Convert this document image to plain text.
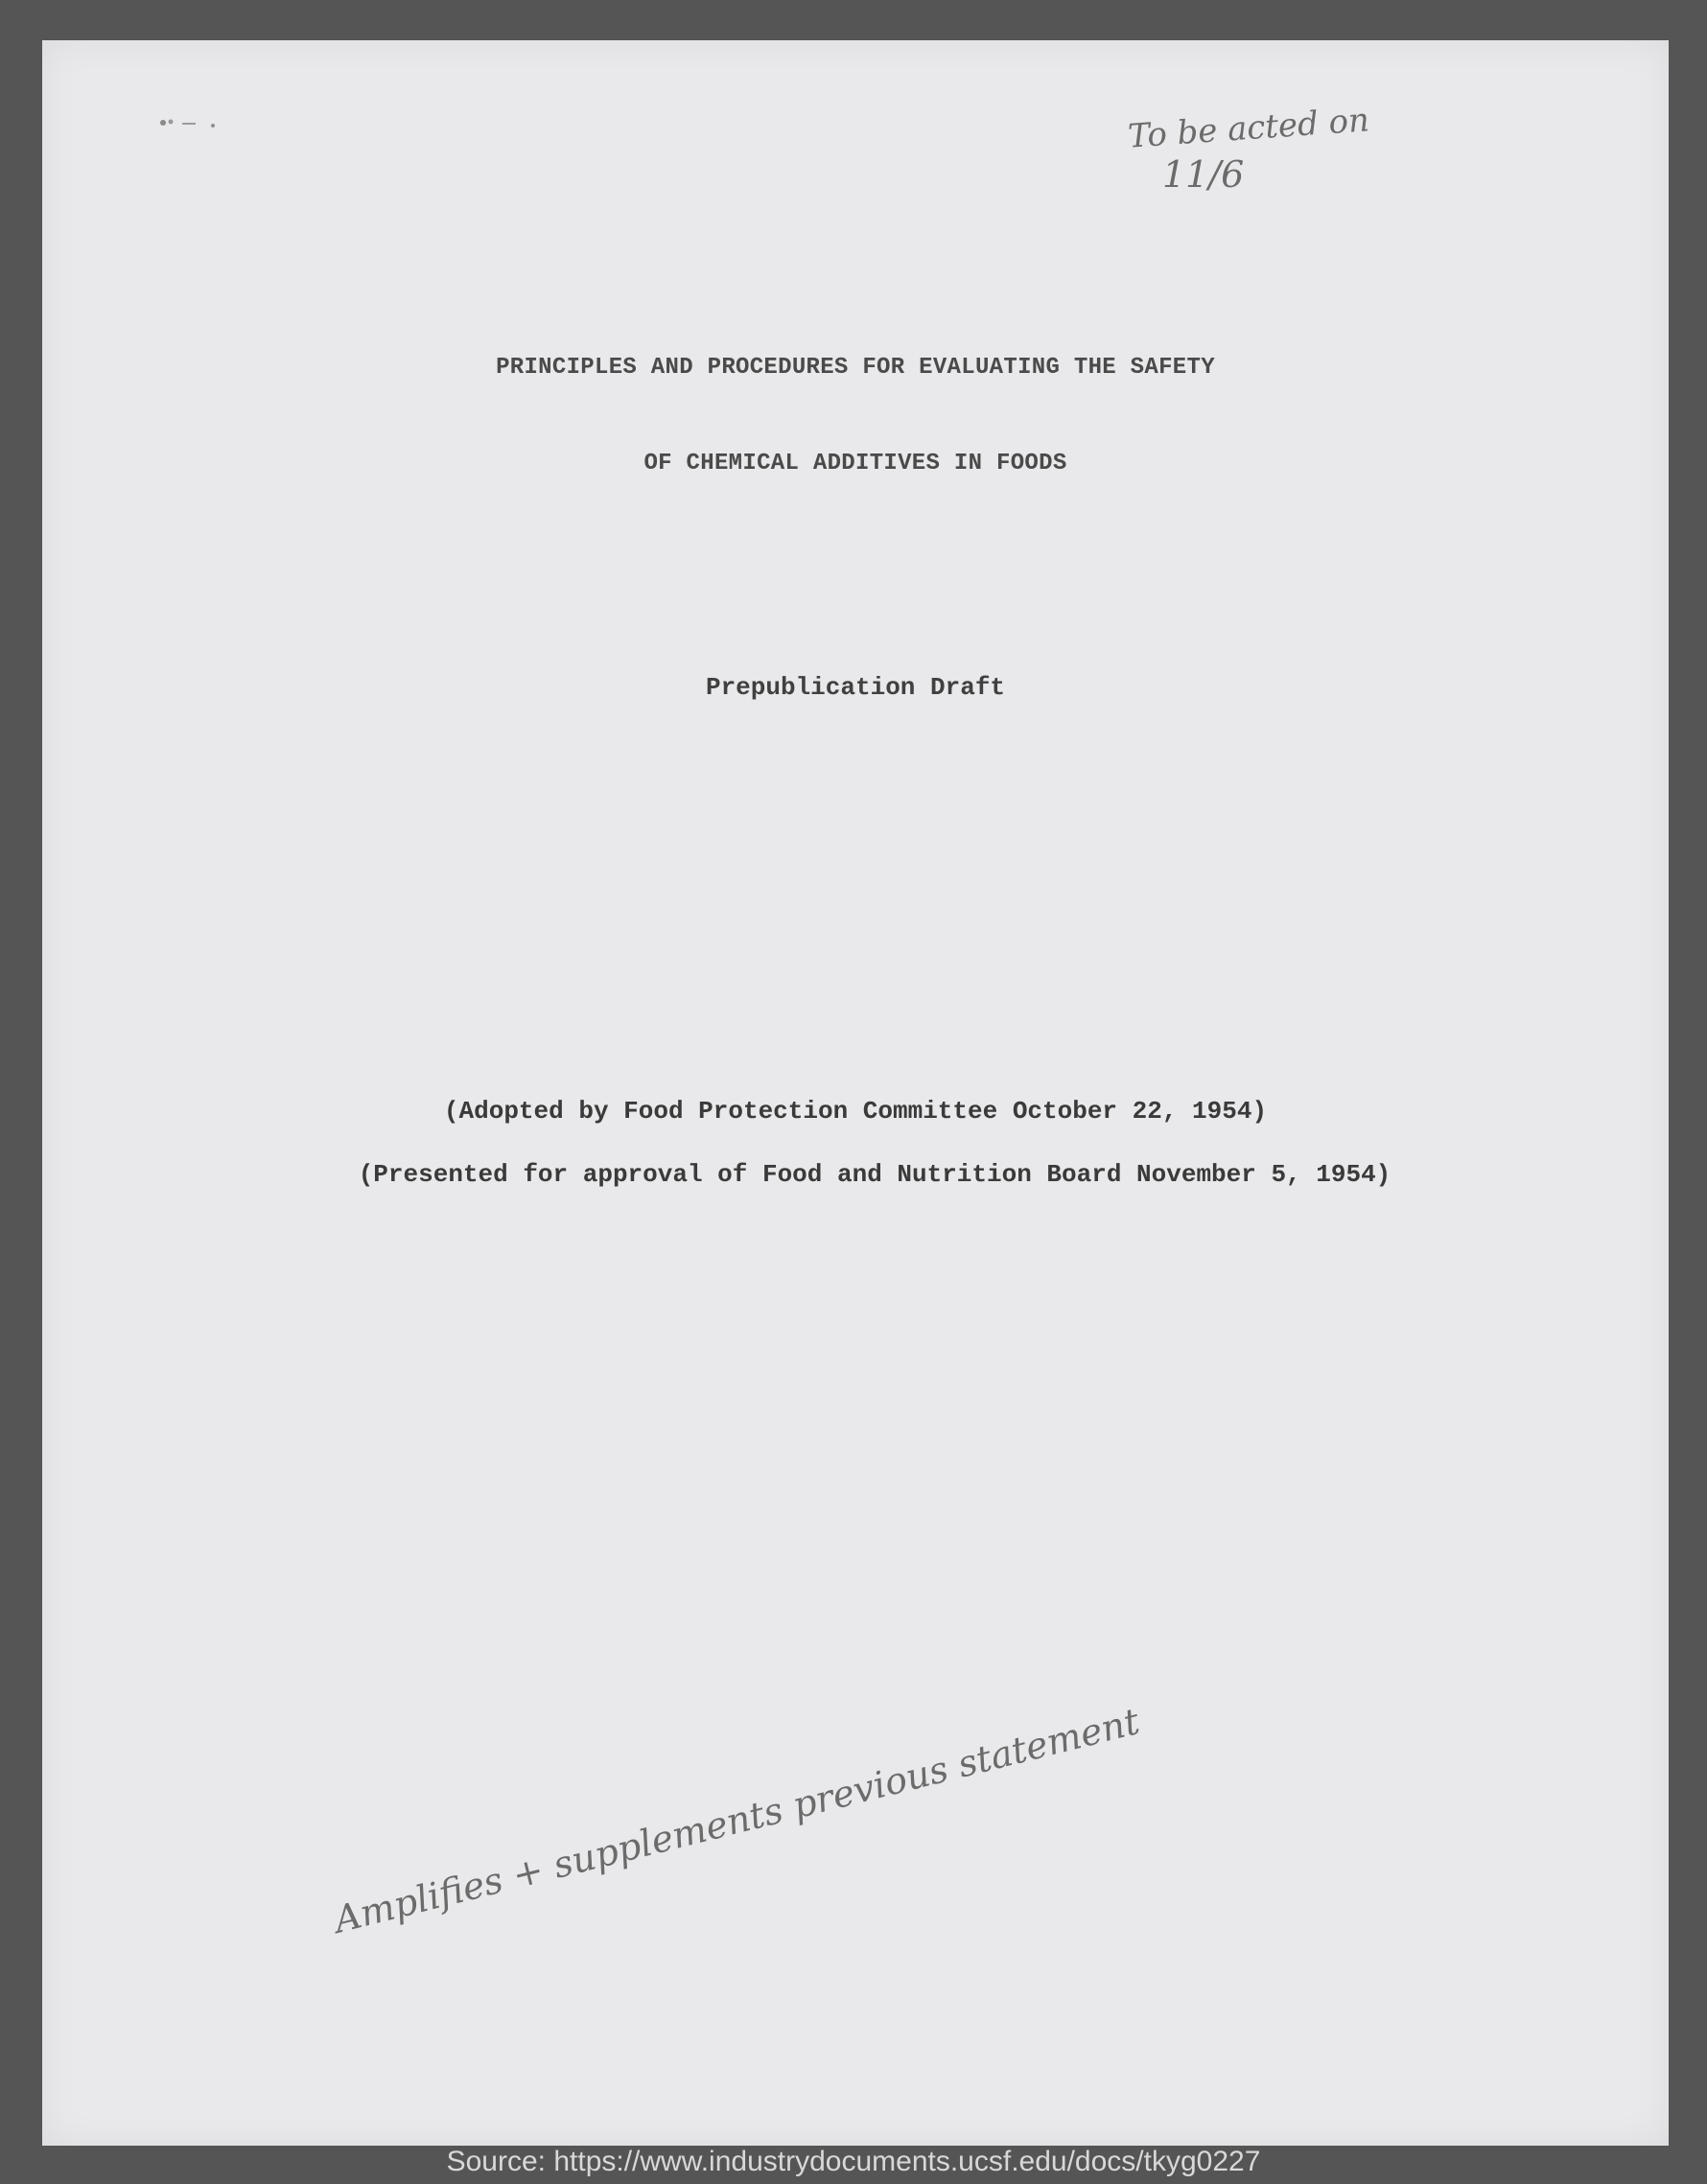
To be acted on
11/6
PRINCIPLES AND PROCEDURES FOR EVALUATING THE SAFETY
OF CHEMICAL ADDITIVES IN FOODS
Prepublication Draft
(Adopted by Food Protection Committee October 22, 1954)
(Presented for approval of Food and Nutrition Board November 5, 1954)
Amplifies + supplements previous statement
Source: https://www.industrydocuments.ucsf.edu/docs/tkyg0227
